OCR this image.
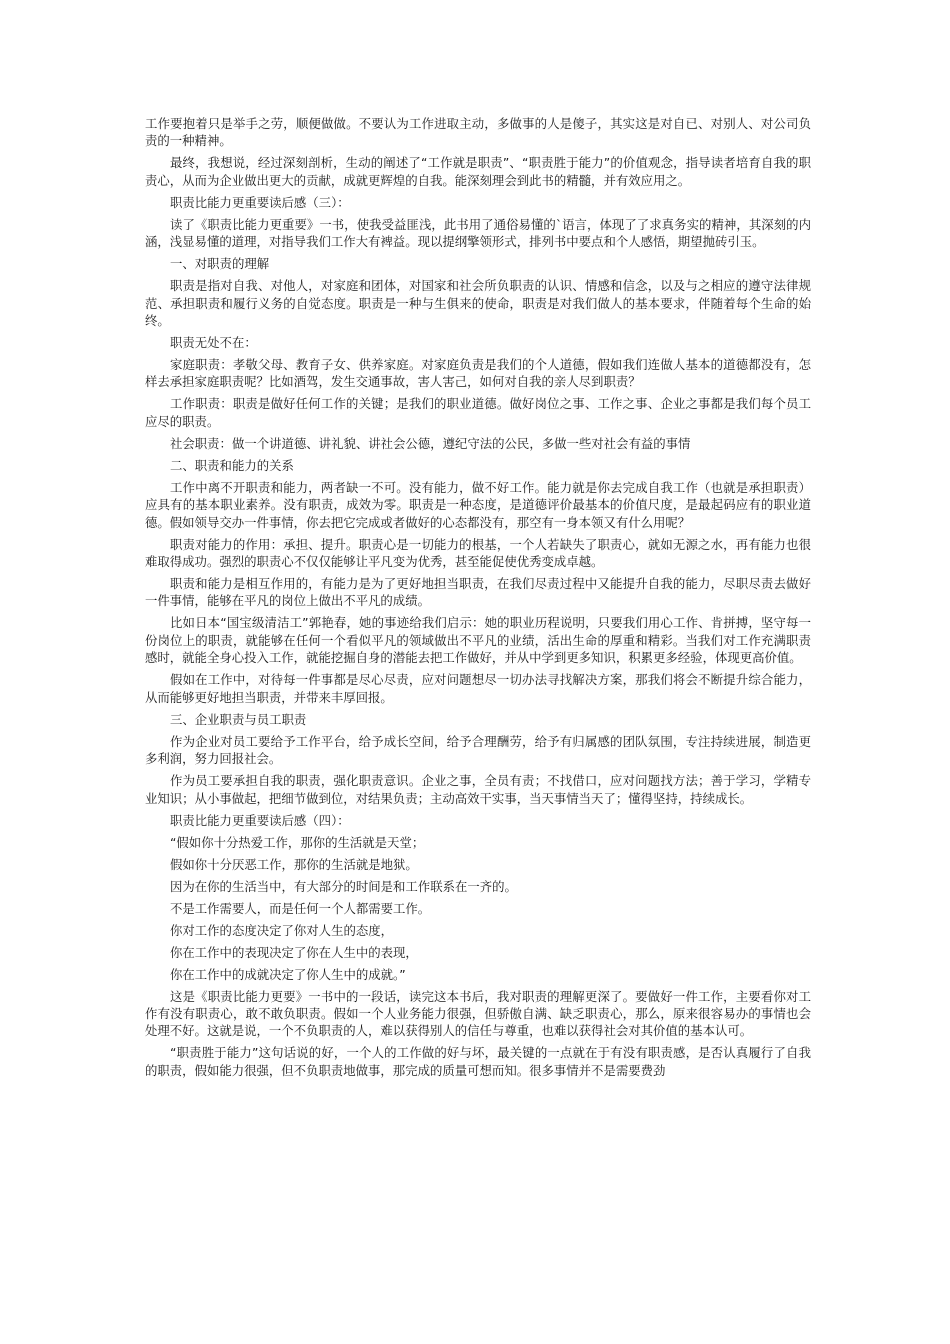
工作要抱着只是举手之劳，顺便做做。不要认为工作进取主动，多做事的人是傻子，其实这是对自已、对别人、对公司负责的一种精神。

最终，我想说，经过深刻剖析，生动的阐述了“工作就是职责”、“职责胜于能力”的价值观念，指导读者培育自我的职责心，从而为企业做出更大的贡献，成就更辉煌的自我。能深刻理会到此书的精髓，并有效应用之。

职责比能力更重要读后感（三）：

读了《职责比能力更重要》一书，使我受益匪浅，此书用了通俗易懂的`语言，体现了了求真务实的精神，其深刻的内涵，浅显易懂的道理，对指导我们工作大有裨益。现以提纲擎领形式，排列书中要点和个人感悟，期望抛砖引玉。

一、对职责的理解

职责是指对自我、对他人，对家庭和团体，对国家和社会所负职责的认识、情感和信念，以及与之相应的遵守法律规范、承担职责和履行义务的自觉态度。职责是一种与生俱来的使命，职责是对我们做人的基本要求，伴随着每个生命的始终。

职责无处不在：

家庭职责：孝敬父母、教育子女、供养家庭。对家庭负责是我们的个人道德，假如我们连做人基本的道德都没有，怎样去承担家庭职责呢？比如酒驾，发生交通事故，害人害己，如何对自我的亲人尽到职责？

工作职责：职责是做好任何工作的关键；是我们的职业道德。做好岗位之事、工作之事、企业之事都是我们每个员工应尽的职责。

社会职责：做一个讲道德、讲礼貌、讲社会公德，遵纪守法的公民，多做一些对社会有益的事情

二、职责和能力的关系

工作中离不开职责和能力，两者缺一不可。没有能力，做不好工作。能力就是你去完成自我工作（也就是承担职责）应具有的基本职业素养。没有职责，成效为零。职责是一种态度，是道德评价最基本的价值尺度，是最起码应有的职业道德。假如领导交办一件事情，你去把它完成或者做好的心态都没有，那空有一身本领又有什么用呢？

职责对能力的作用：承担、提升。职责心是一切能力的根基，一个人若缺失了职责心，就如无源之水，再有能力也很难取得成功。强烈的职责心不仅仅能够让平凡变为优秀，甚至能促使优秀变成卓越。

职责和能力是相互作用的，有能力是为了更好地担当职责，在我们尽责过程中又能提升自我的能力，尽职尽责去做好一件事情，能够在平凡的岗位上做出不平凡的成绩。

比如日本“国宝级清洁工”郭艳春，她的事迹给我们启示：她的职业历程说明，只要我们用心工作、肯拼搏，坚守每一份岗位上的职责，就能够在任何一个看似平凡的领域做出不平凡的业绩，活出生命的厚重和精彩。当我们对工作充满职责感时，就能全身心投入工作，就能挖掘自身的潜能去把工作做好，并从中学到更多知识，积累更多经验，体现更高价值。

假如在工作中，对待每一件事都是尽心尽责，应对问题想尽一切办法寻找解决方案，那我们将会不断提升综合能力，从而能够更好地担当职责，并带来丰厚回报。

三、企业职责与员工职责

作为企业对员工要给予工作平台，给予成长空间，给予合理酬劳，给予有归属感的团队氛围，专注持续进展，制造更多利润，努力回报社会。

作为员工要承担自我的职责，强化职责意识。企业之事，全员有责；不找借口，应对问题找方法；善于学习，学精专业知识；从小事做起，把细节做到位，对结果负责；主动高效干实事，当天事情当天了；懂得坚持，持续成长。

职责比能力更重要读后感（四）：

“假如你十分热爱工作，那你的生活就是天堂；

假如你十分厌恶工作，那你的生活就是地狱。

因为在你的生活当中，有大部分的时间是和工作联系在一齐的。

不是工作需要人，而是任何一个人都需要工作。

你对工作的态度决定了你对人生的态度，

你在工作中的表现决定了你在人生中的表现，

你在工作中的成就决定了你人生中的成就。”

这是《职责比能力更要》一书中的一段话，读完这本书后，我对职责的理解更深了。要做好一件工作，主要看你对工作有没有职责心，敢不敢负职责。假如一个人业务能力很强，但骄傲自满、缺乏职责心，那么，原来很容易办的事情也会处理不好。这就是说，一个不负职责的人，难以获得别人的信任与尊重，也难以获得社会对其价值的基本认可。

“职责胜于能力”这句话说的好，一个人的工作做的好与坏，最关键的一点就在于有没有职责感，是否认真履行了自我的职责，假如能力很强，但不负职责地做事，那完成的质量可想而知。很多事情并不是需要费劲
